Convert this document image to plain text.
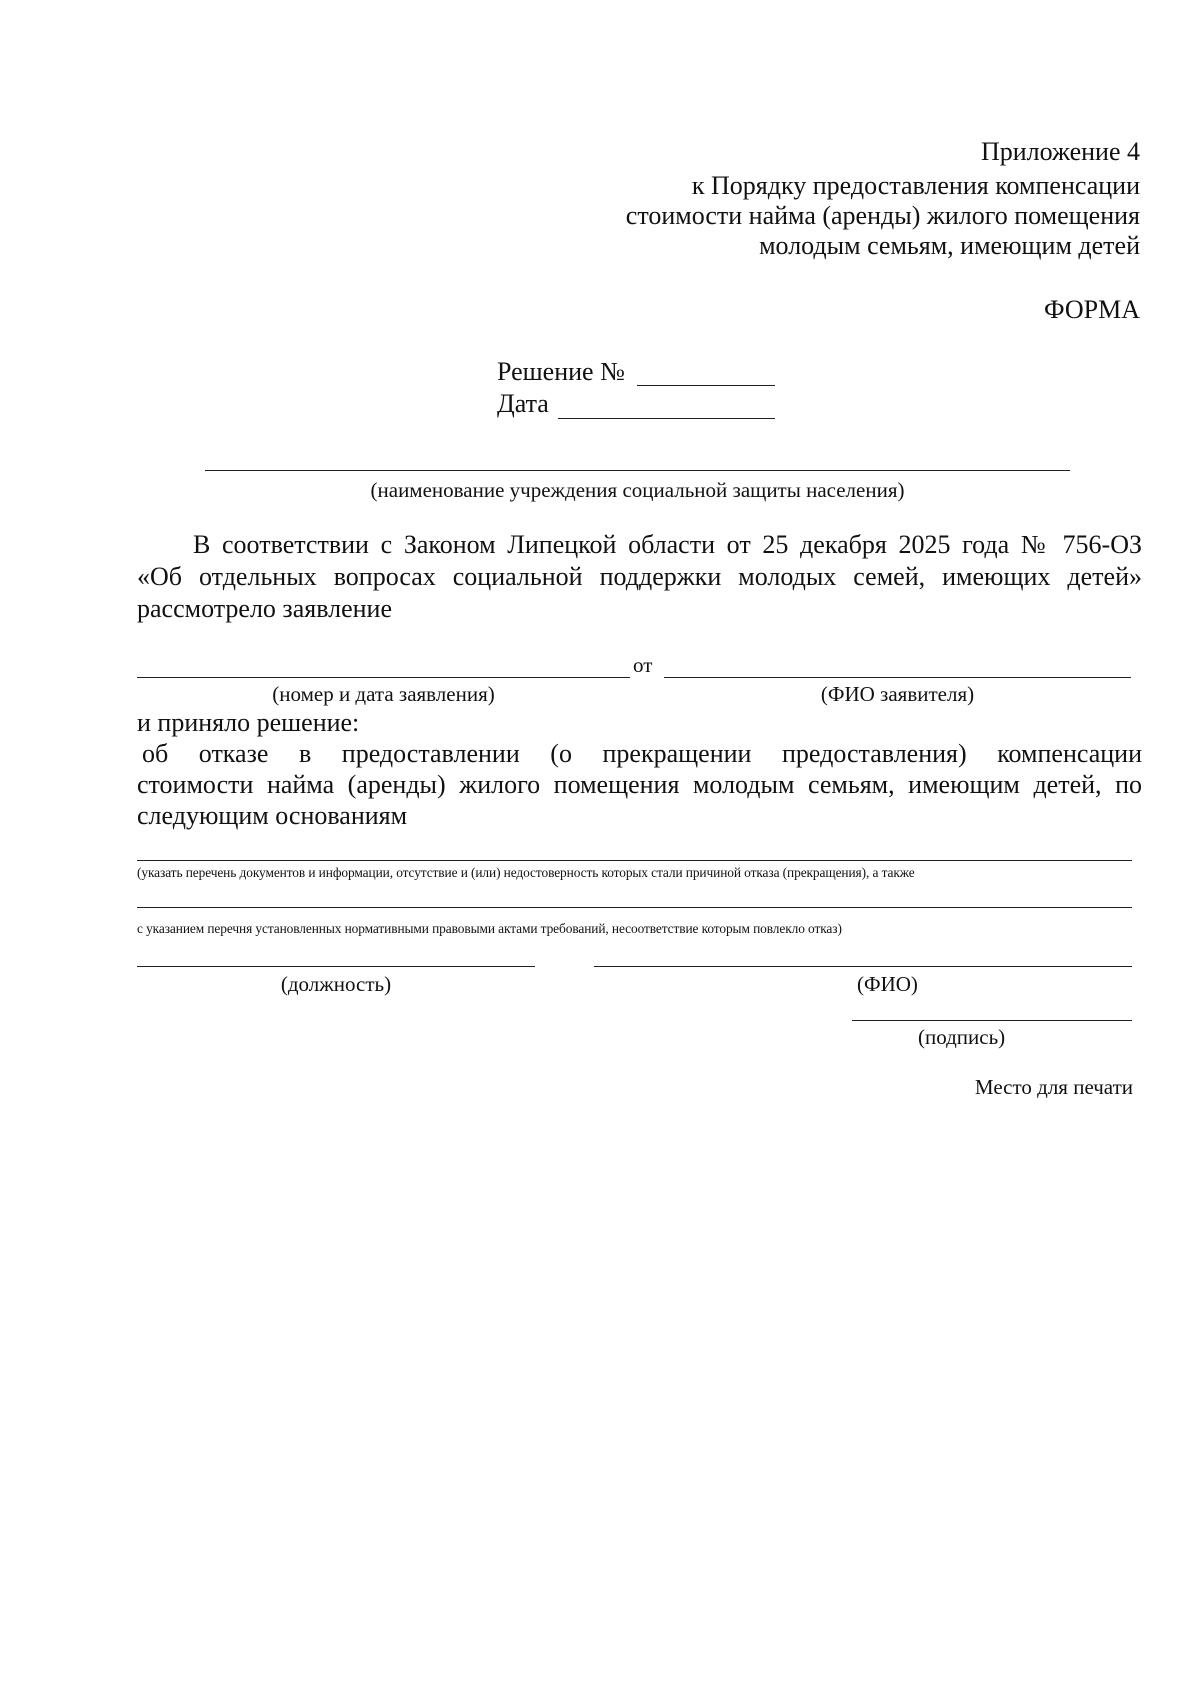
Приложение 4
к Порядку предоставления компенсации
стоимости найма (аренды) жилого помещения
молодым семьям, имеющим детей
ФОРМА
Решение №
Дата
(наименование учреждения социальной защиты населения)
В соответствии с Законом Липецкой области от 25 декабря 2025 года № 756-ОЗ
«Об отдельных вопросах социальной поддержки молодых семей, имеющих детей»
рассмотрело заявление
от
(номер и дата заявления)	(ФИО заявителя)
и приняло решение:
об отказе в предоставлении (о прекращении предоставления) компенсации
стоимости найма (аренды) жилого помещения молодым семьям, имеющим детей, по
следующим основаниям
(указать перечень документов и информации, отсутствие и (или) недостоверность которых стали причиной отказа (прекращения), а также
с указанием перечня установленных нормативными правовыми актами требований, несоответствие которым повлекло отказ)
(должность)	(ФИО)
(подпись)
Место для печати
